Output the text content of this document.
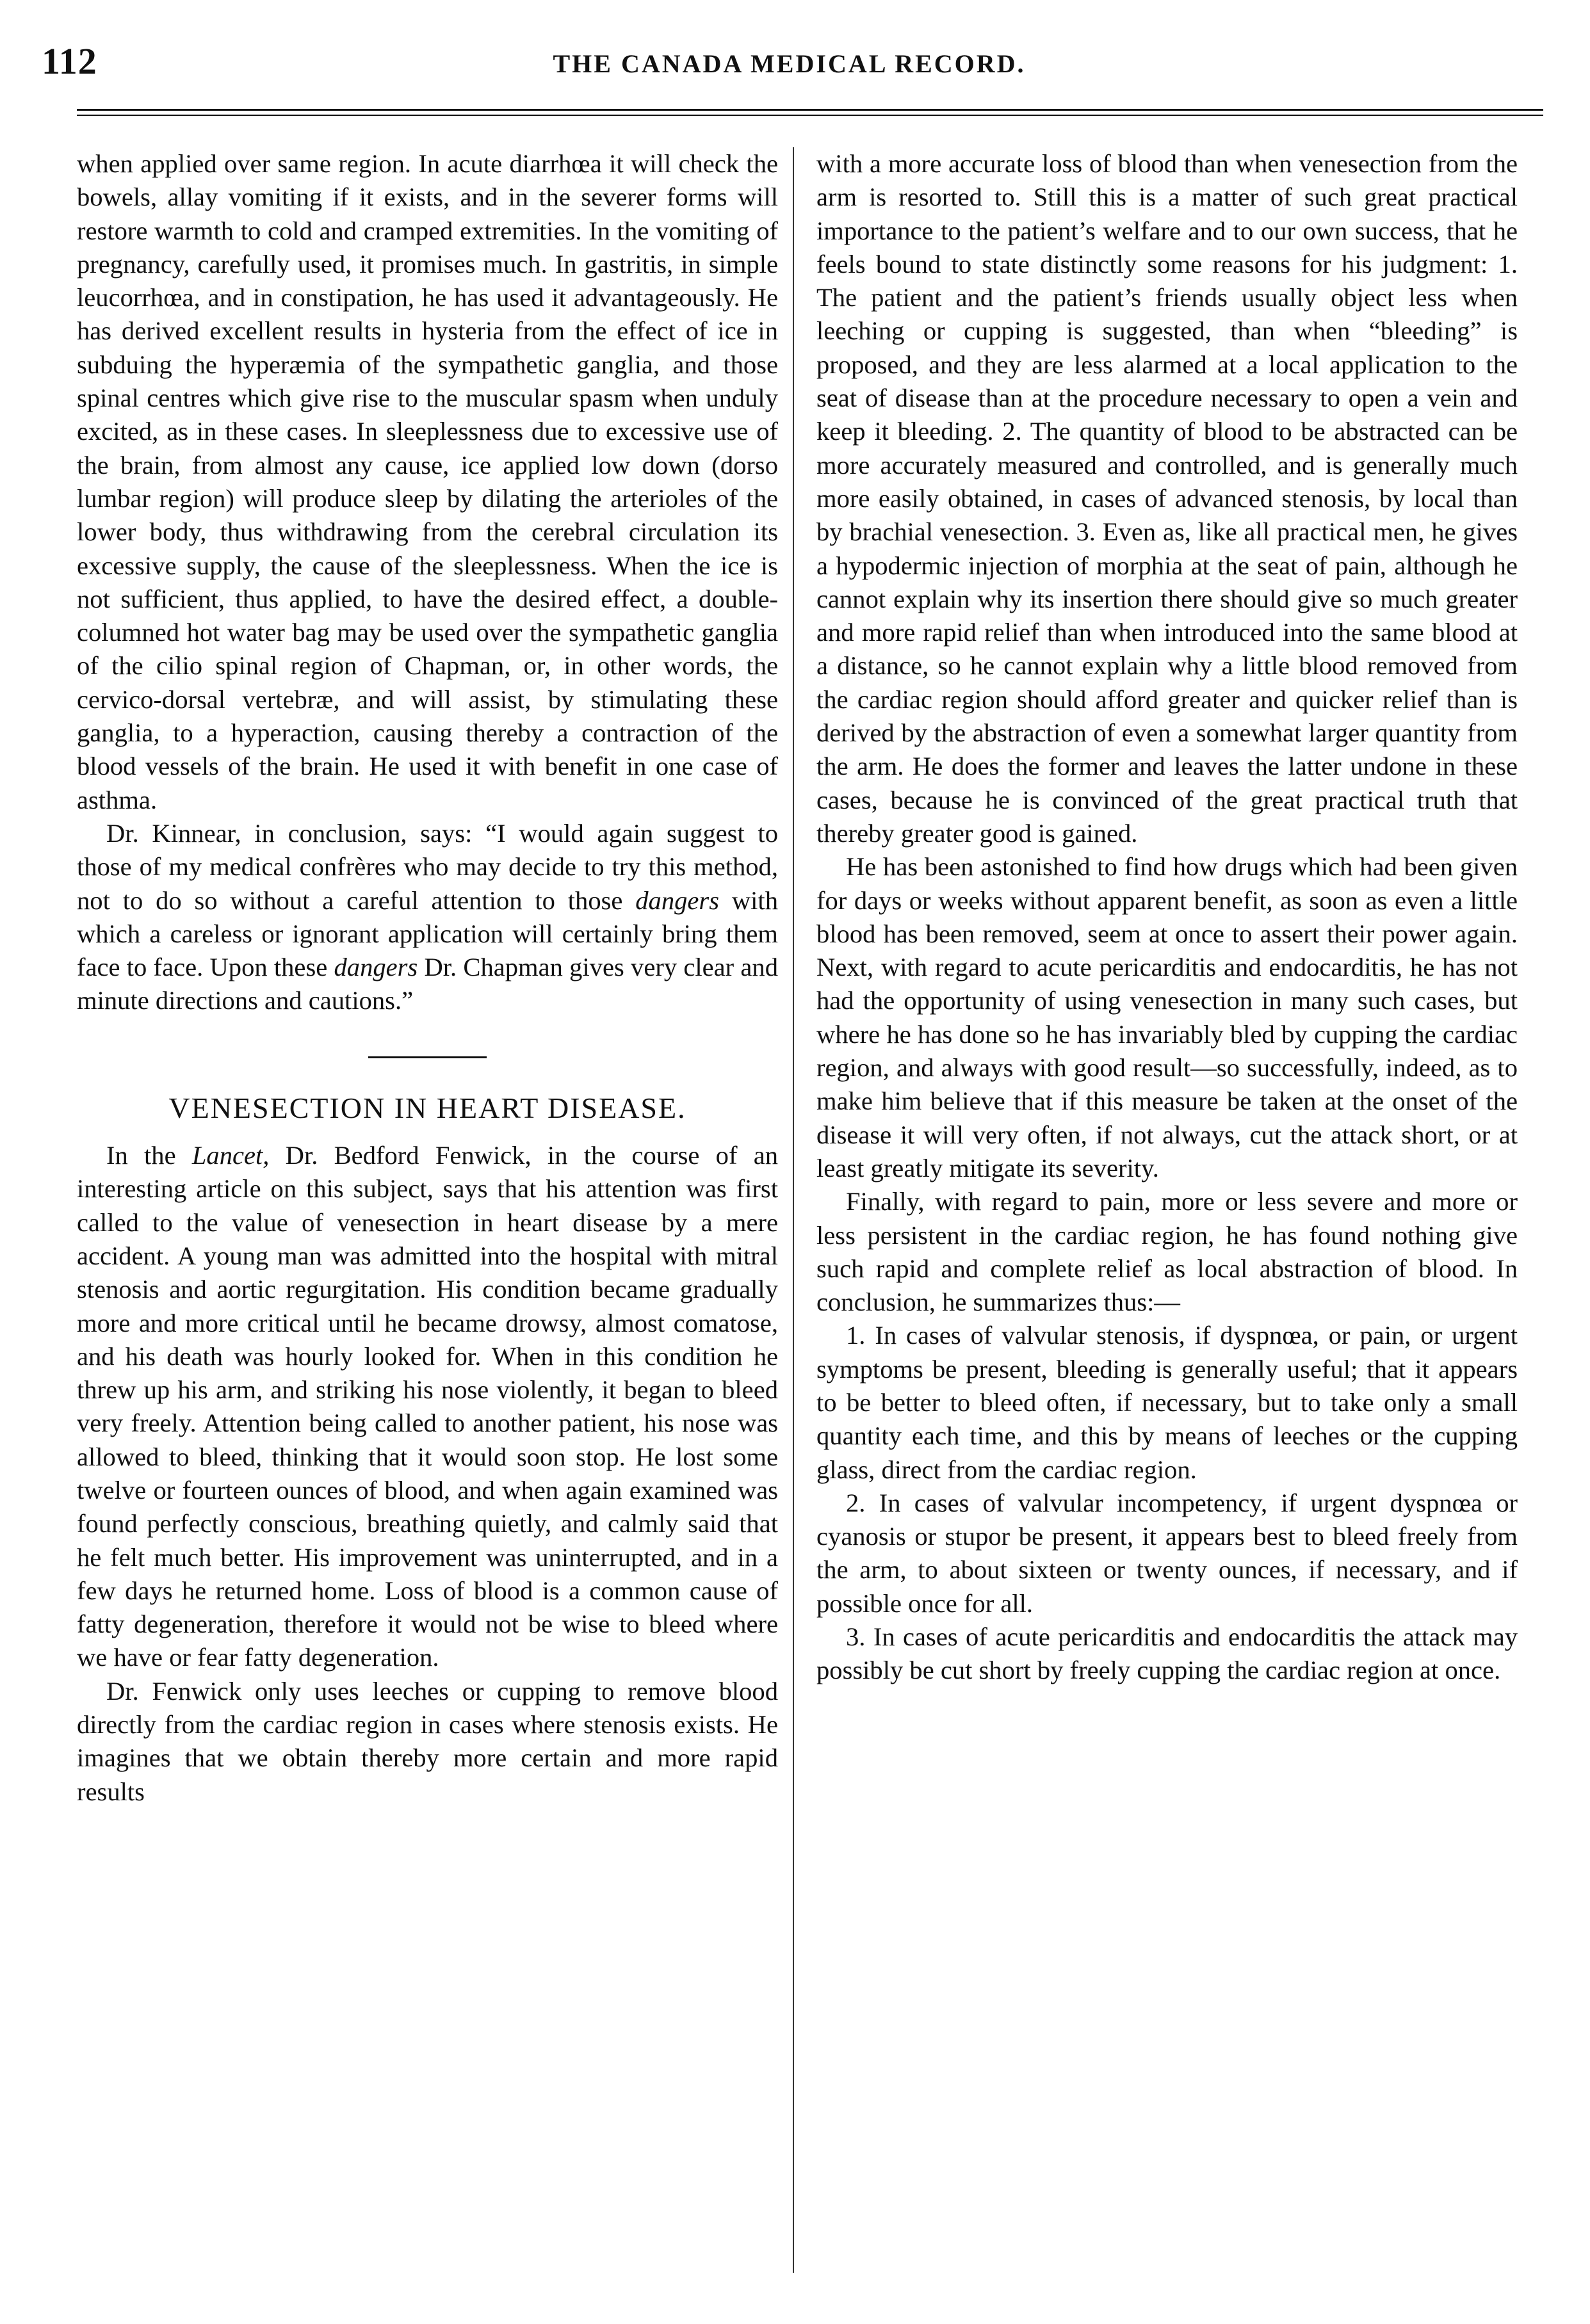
112	THE CANADA MEDICAL RECORD.

when applied over same region. In acute diarrhœa it will check the bowels, allay vomiting if it exists, and in the severer forms will restore warmth to cold and cramped extremities. In the vomiting of pregnancy, carefully used, it promises much. In gastritis, in simple leucorrhœa, and in constipation, he has used it advantageously. He has derived excellent results in hysteria from the effect of ice in subduing the hyperæmia of the sympathetic ganglia, and those spinal centres which give rise to the muscular spasm when unduly excited, as in these cases. In sleeplessness due to excessive use of the brain, from almost any cause, ice applied low down (dorso lumbar region) will produce sleep by dilating the arterioles of the lower body, thus withdrawing from the cerebral circulation its excessive supply, the cause of the sleeplessness. When the ice is not sufficient, thus applied, to have the desired effect, a double-columned hot water bag may be used over the sympathetic ganglia of the cilio spinal region of Chapman, or, in other words, the cervico-dorsal vertebræ, and will assist, by stimulating these ganglia, to a hyperaction, causing thereby a contraction of the blood vessels of the brain. He used it with benefit in one case of asthma.

Dr. Kinnear, in conclusion, says: “I would again suggest to those of my medical confrères who may decide to try this method, not to do so without a careful attention to those dangers with which a careless or ignorant application will certainly bring them face to face. Upon these dangers Dr. Chapman gives very clear and minute directions and cautions.”

VENESECTION IN HEART DISEASE.

In the Lancet, Dr. Bedford Fenwick, in the course of an interesting article on this subject, says that his attention was first called to the value of venesection in heart disease by a mere accident. A young man was admitted into the hospital with mitral stenosis and aortic regurgitation. His condition became gradually more and more critical until he became drowsy, almost comatose, and his death was hourly looked for. When in this condition he threw up his arm, and striking his nose violently, it began to bleed very freely. Attention being called to another patient, his nose was allowed to bleed, thinking that it would soon stop. He lost some twelve or fourteen ounces of blood, and when again examined was found perfectly conscious, breathing quietly, and calmly said that he felt much better. His improvement was uninterrupted, and in a few days he returned home. Loss of blood is a common cause of fatty degeneration, therefore it would not be wise to bleed where we have or fear fatty degeneration.

Dr. Fenwick only uses leeches or cupping to remove blood directly from the cardiac region in cases where stenosis exists. He imagines that we obtain thereby more certain and more rapid results

with a more accurate loss of blood than when venesection from the arm is resorted to. Still this is a matter of such great practical importance to the patient’s welfare and to our own success, that he feels bound to state distinctly some reasons for his judgment: 1. The patient and the patient’s friends usually object less when leeching or cupping is suggested, than when “bleeding” is proposed, and they are less alarmed at a local application to the seat of disease than at the procedure necessary to open a vein and keep it bleeding. 2. The quantity of blood to be abstracted can be more accurately measured and controlled, and is generally much more easily obtained, in cases of advanced stenosis, by local than by brachial venesection. 3. Even as, like all practical men, he gives a hypodermic injection of morphia at the seat of pain, although he cannot explain why its insertion there should give so much greater and more rapid relief than when introduced into the same blood at a distance, so he cannot explain why a little blood removed from the cardiac region should afford greater and quicker relief than is derived by the abstraction of even a somewhat larger quantity from the arm. He does the former and leaves the latter undone in these cases, because he is convinced of the great practical truth that thereby greater good is gained.

He has been astonished to find how drugs which had been given for days or weeks without apparent benefit, as soon as even a little blood has been removed, seem at once to assert their power again. Next, with regard to acute pericarditis and endocarditis, he has not had the opportunity of using venesection in many such cases, but where he has done so he has invariably bled by cupping the cardiac region, and always with good result—so successfully, indeed, as to make him believe that if this measure be taken at the onset of the disease it will very often, if not always, cut the attack short, or at least greatly mitigate its severity.

Finally, with regard to pain, more or less severe and more or less persistent in the cardiac region, he has found nothing give such rapid and complete relief as local abstraction of blood. In conclusion, he summarizes thus:—

1. In cases of valvular stenosis, if dyspnœa, or pain, or urgent symptoms be present, bleeding is generally useful; that it appears to be better to bleed often, if necessary, but to take only a small quantity each time, and this by means of leeches or the cupping glass, direct from the cardiac region.

2. In cases of valvular incompetency, if urgent dyspnœa or cyanosis or stupor be present, it appears best to bleed freely from the arm, to about sixteen or twenty ounces, if necessary, and if possible once for all.

3. In cases of acute pericarditis and endocarditis the attack may possibly be cut short by freely cupping the cardiac region at once.
